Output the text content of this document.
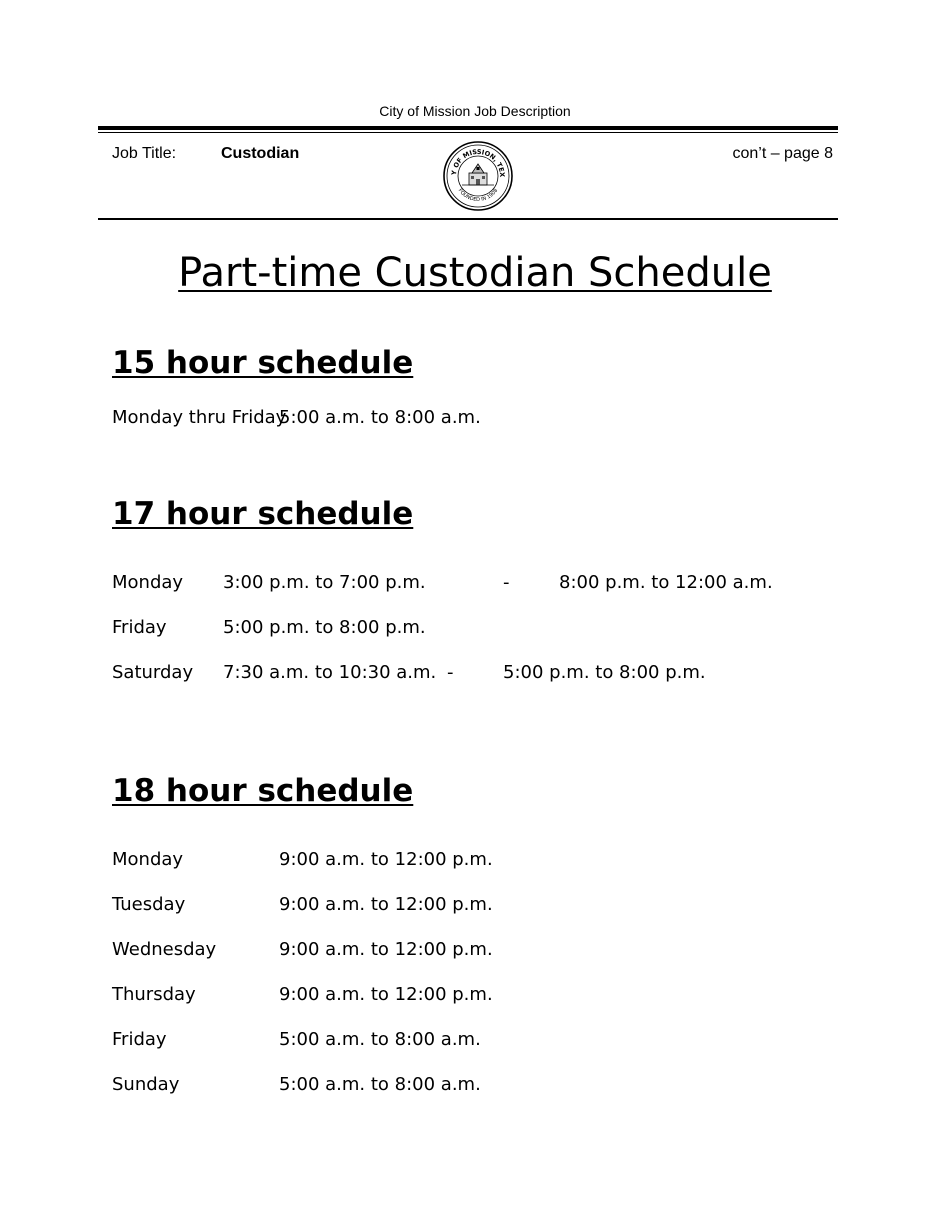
City of Mission Job Description
Job Title:	Custodian	con’t – page 8
Y OF MISSION, TEX
FOUNDED IN 1908
Part-time Custodian Schedule
15 hour schedule
Monday thru Friday
5:00 a.m. to 8:00 a.m.
17 hour schedule
Monday 3:00 p.m. to 7:00 p.m.	-	8:00 p.m. to 12:00 a.m.
Friday	5:00 p.m. to 8:00 p.m.
Saturday 7:30 a.m. to 10:30 a.m. -	5:00 p.m. to 8:00 p.m.
18 hour schedule
Monday	9:00 a.m. to 12:00 p.m.
Tuesday	9:00 a.m. to 12:00 p.m.
Wednesday	9:00 a.m. to 12:00 p.m.
Thursday	9:00 a.m. to 12:00 p.m.
Friday	5:00 a.m. to 8:00 a.m.
Sunday	5:00 a.m. to 8:00 a.m.
